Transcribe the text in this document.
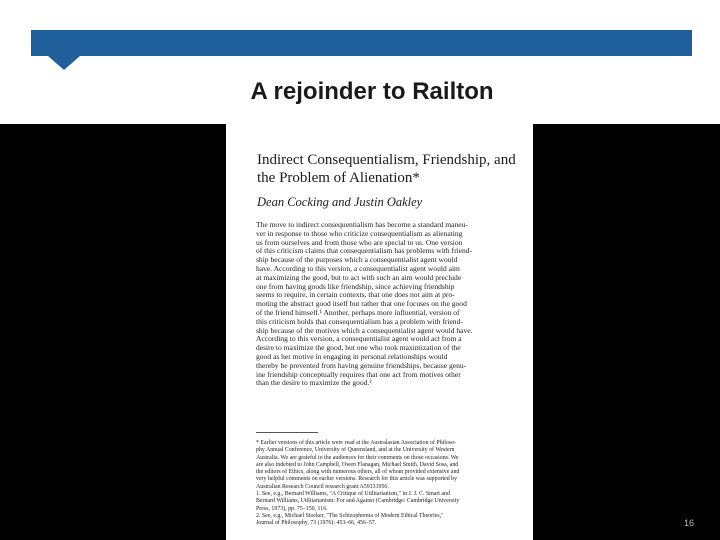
A rejoinder to Railton
Indirect Consequentialism, Friendship, and the Problem of Alienation*
Dean Cocking and Justin Oakley
The move to indirect consequentialism has become a standard maneu-
ver in response to those who criticize consequentialism as alienating
us from ourselves and from those who are special to us. One version
of this criticism claims that consequentialism has problems with friend-
ship because of the purposes which a consequentialist agent would
have. According to this version, a consequentialist agent would aim
at maximizing the good, but to act with such an aim would preclude
one from having goods like friendship, since achieving friendship
seems to require, in certain contexts, that one does not aim at pro-
moting the abstract good itself but rather that one focuses on the good
of the friend himself.¹ Another, perhaps more influential, version of
this criticism holds that consequentialism has a problem with friend-
ship because of the motives which a consequentialist agent would have.
According to this version, a consequentialist agent would act from a
desire to maximize the good, but one who took maximization of the
good as her motive in engaging in personal relationships would
thereby be prevented from having genuine friendships, because genu-
ine friendship conceptually requires that one act from motives other
than the desire to maximize the good.²
* Earlier versions of this article were read at the Australasian Association of Philoso-
phy Annual Conference, University of Queensland, and at the University of Western
Australia. We are grateful to the audiences for their comments on those occasions. We
are also indebted to John Campbell, Owen Flanagan, Michael Smith, David Sosa, and
the editors of Ethics, along with numerous others, all of whom provided extensive and
very helpful comments on earlier versions. Research for this article was supported by
Australian Research Council research grant A59131956.
1. See, e.g., Bernard Williams, "A Critique of Utilitarianism," in J. J. C. Smart and
Bernard Williams, Utilitarianism: For and Against (Cambridge: Cambridge University
Press, 1973), pp. 75–150, 116.
2. See, e.g., Michael Stocker, "The Schizophrenia of Modern Ethical Theories,"
Journal of Philosophy, 73 (1976): 453–66, 456–57.	16
